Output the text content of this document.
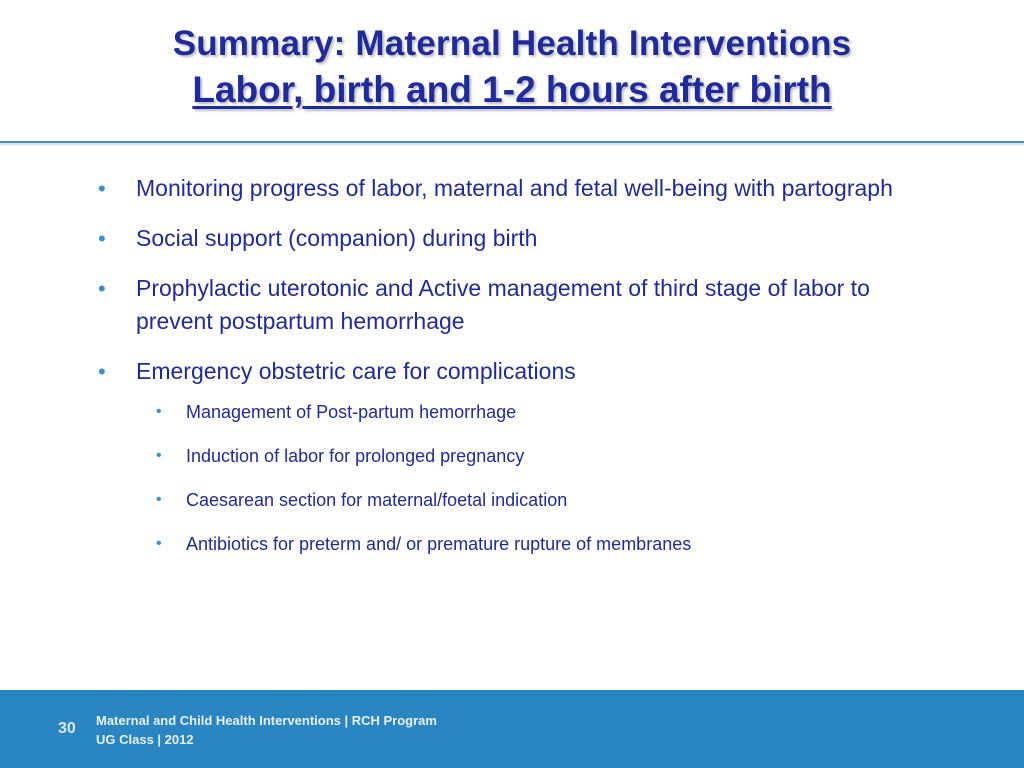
Summary: Maternal Health Interventions
Labor, birth and 1-2 hours after birth
• Monitoring progress of labor, maternal and fetal well-being with partograph
• Social support (companion) during birth
• Prophylactic uterotonic and Active management of third stage of labor to prevent postpartum hemorrhage
• Emergency obstetric care for complications
• Management of Post-partum hemorrhage
• Induction of labor for prolonged pregnancy
• Caesarean section for maternal/foetal indication
• Antibiotics for preterm and/ or premature rupture of membranes
30 Maternal and Child Health Interventions | RCH Program
UG Class | 2012
